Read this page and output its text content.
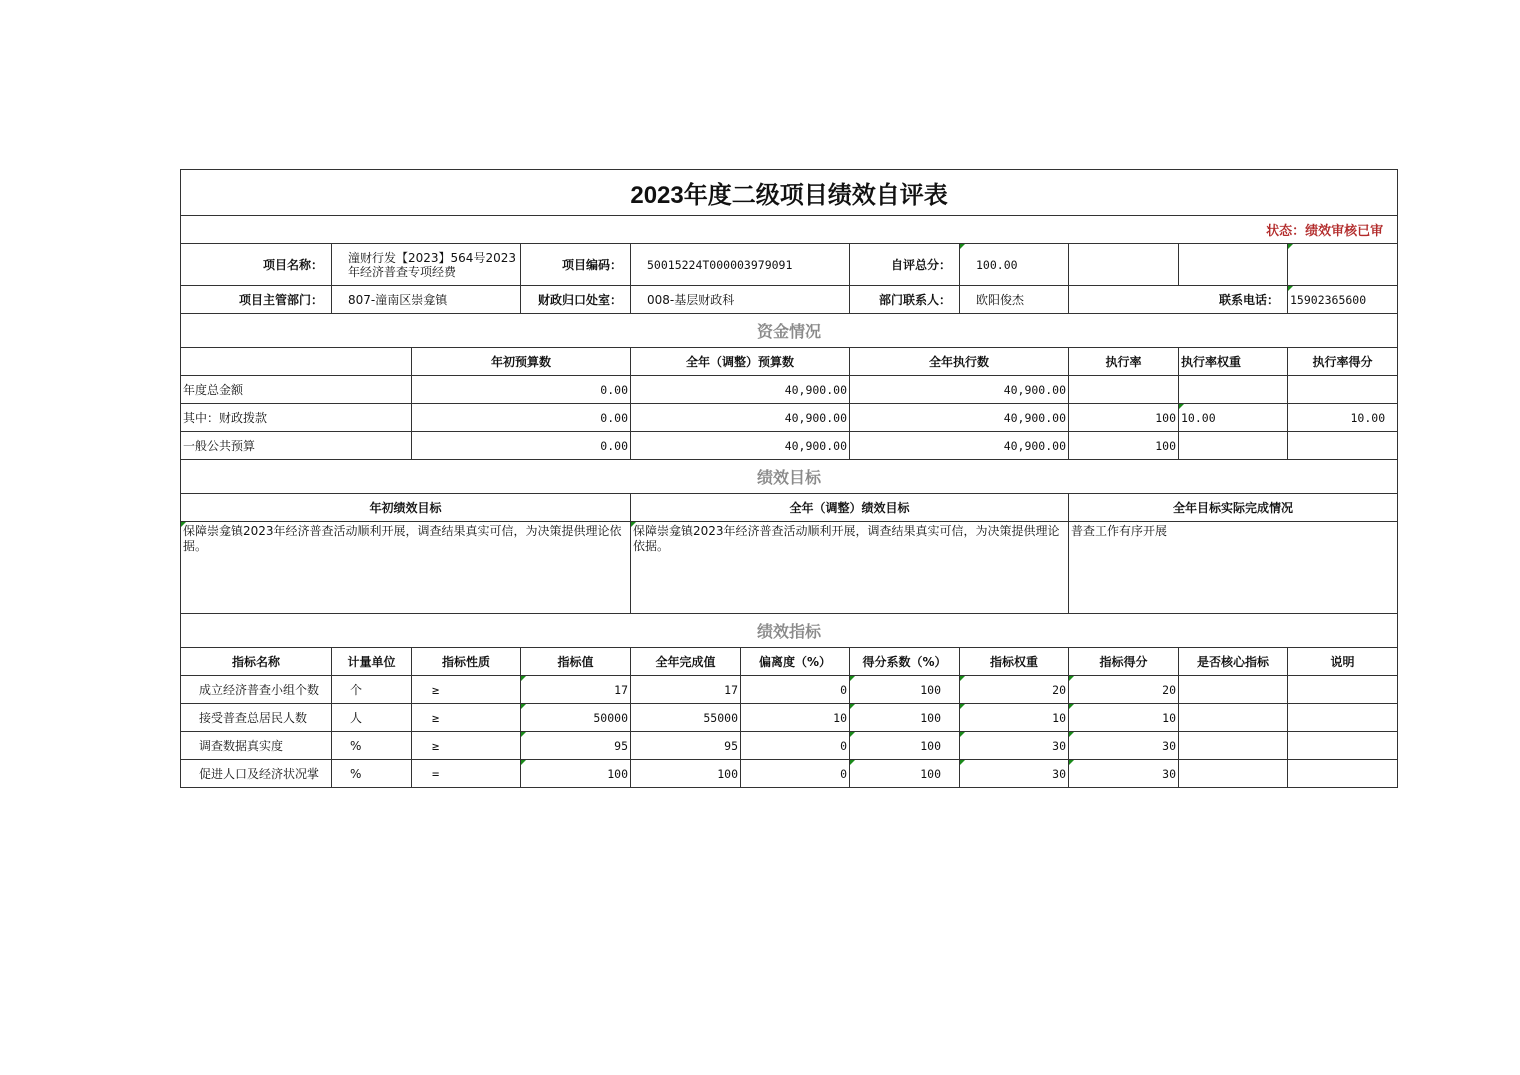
2023年度二级项目绩效自评表										
状态：绩效审核已审										
项目名称：	潼财行发【2023】564号2023年经济普查专项经费		项目编码：	50015224T000003979091		自评总分：	100.00			
项目主管部门：	807-潼南区崇龛镇		财政归口处室：	008-基层财政科		部门联系人：	欧阳俊杰	联系电话：		15902365600
资金情况										
		年初预算数		全年（调整）预算数		全年执行数		执行率	执行率权重	执行率得分
年度总金额		0.00		40,900.00		40,900.00				
其中：财政拨款		0.00		40,900.00		40,900.00		100	10.00	10.00
一般公共预算		0.00		40,900.00		40,900.00		100		
绩效目标										
年初绩效目标				全年（调整）绩效目标				全年目标实际完成情况		
保障崇龛镇2023年经济普查活动顺利开展，调查结果真实可信，为决策提供理论依据。				保障崇龛镇2023年经济普查活动顺利开展，调查结果真实可信，为决策提供理论依据。				普查工作有序开展		
绩效指标										
指标名称	计量单位	指标性质	指标值	全年完成值	偏离度（%）	得分系数（%）	指标权重	指标得分	是否核心指标	说明
成立经济普查小组个数	个	≥	17	17	0	100	20	20		
接受普查总居民人数	人	≥	50000	55000	10	100	10	10		
调查数据真实度	%	≥	95	95	0	100	30	30		
促进人口及经济状况掌	%	=	100	100	0	100	30	30		
